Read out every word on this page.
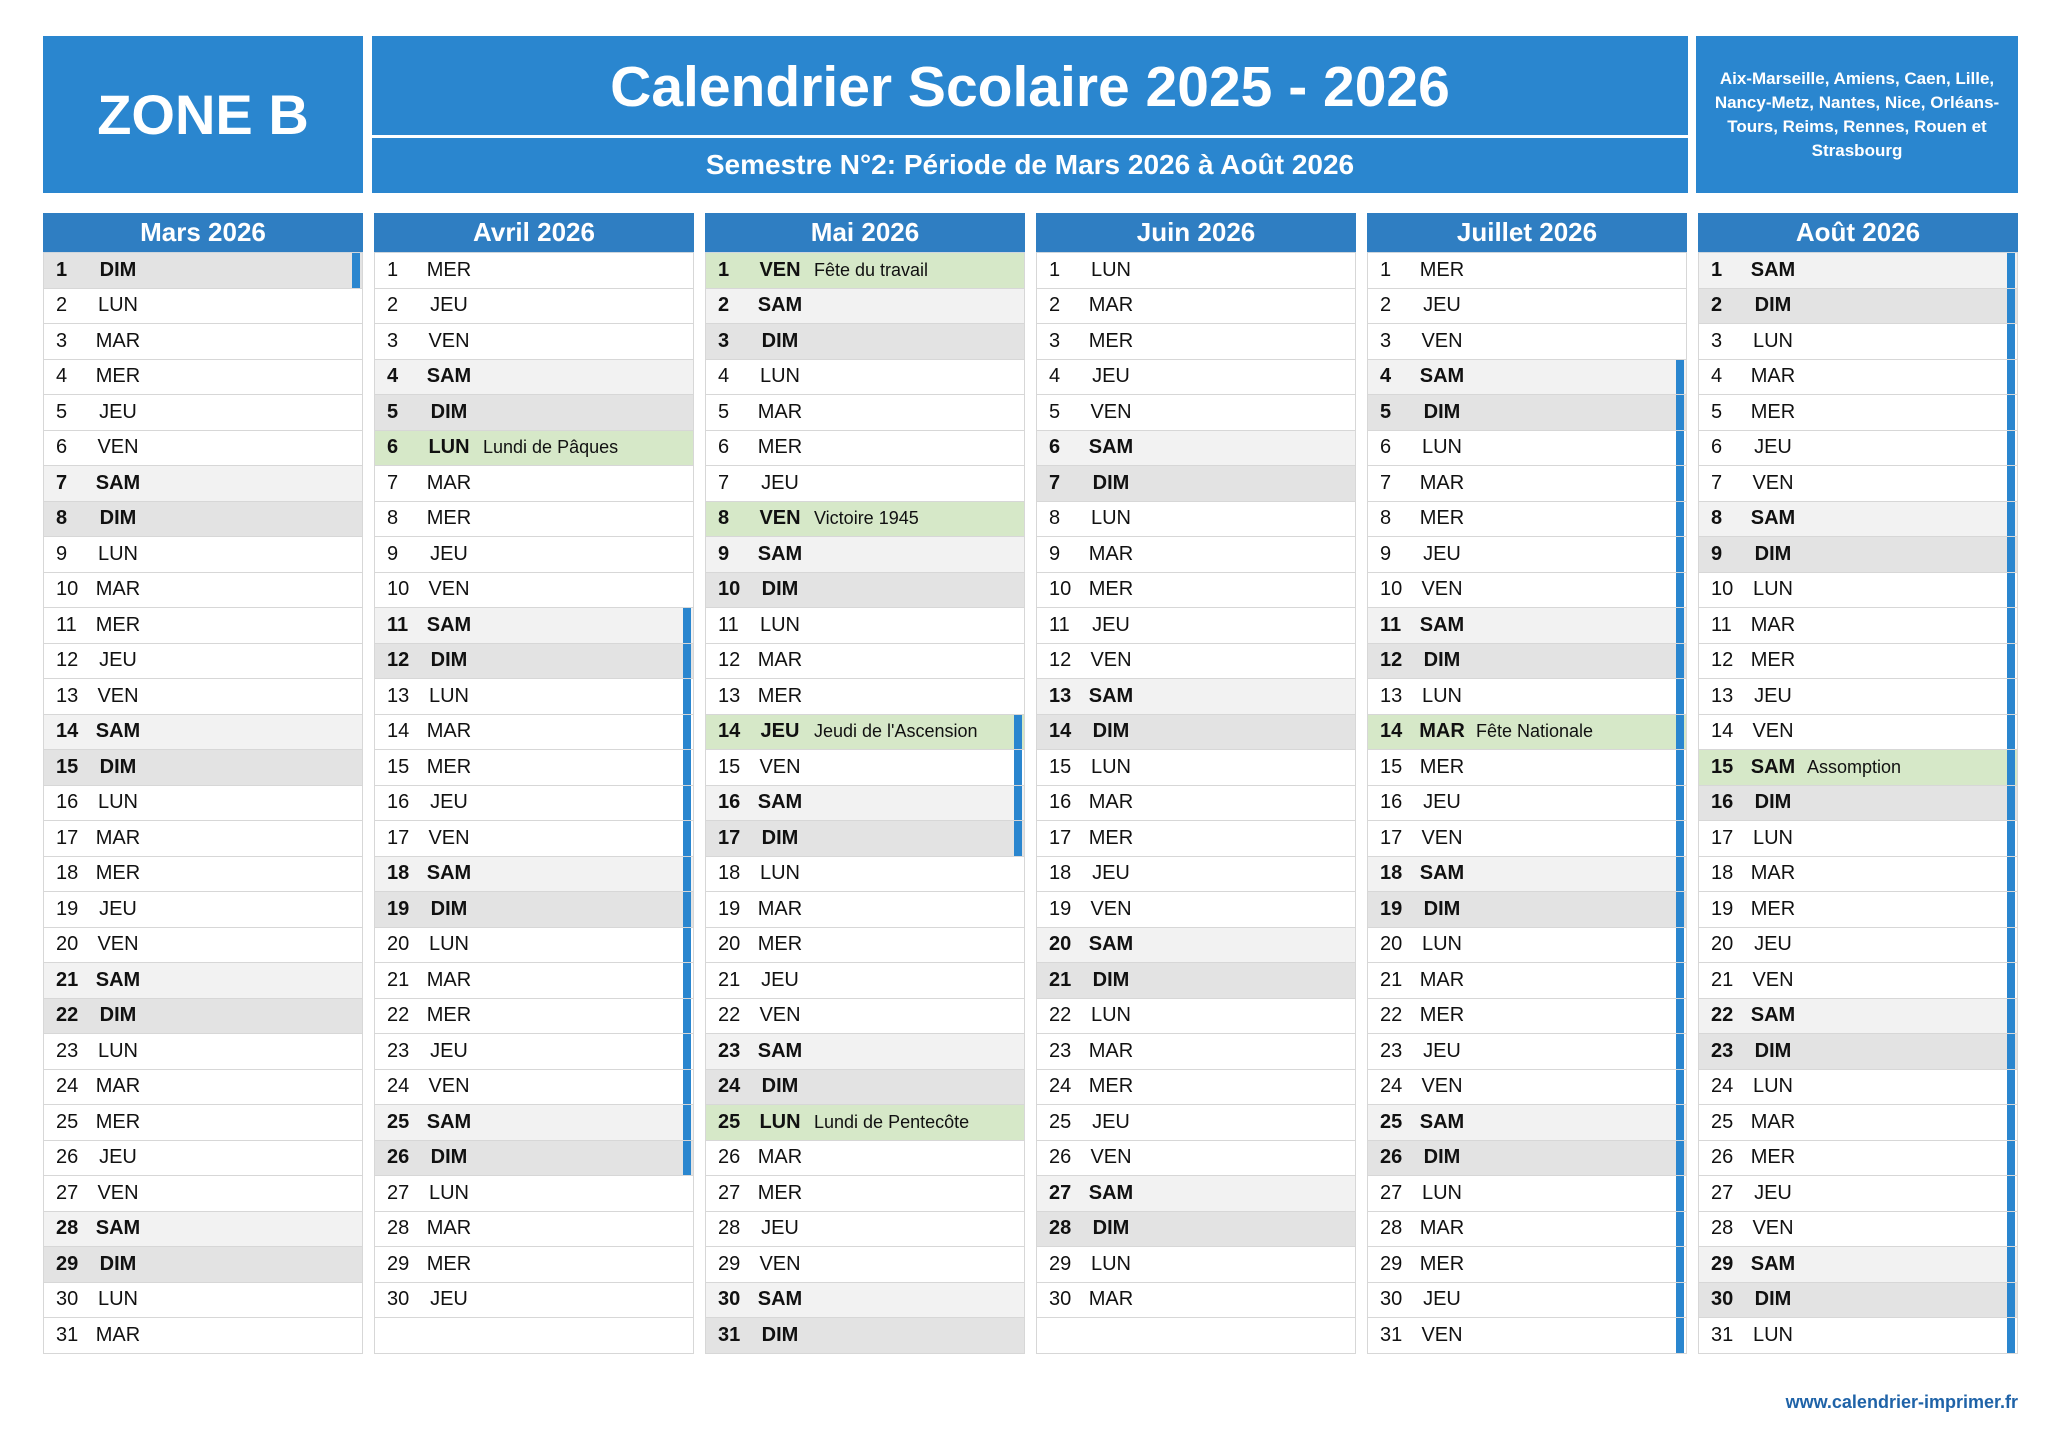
ZONE B	Calendrier Scolaire 2025 - 2026
Semestre N°2: Période de Mars 2026 à Août 2026
Aix-Marseille, Amiens, Caen, Lille, Nancy-Metz, Nantes, Nice, Orléans-Tours, Reims, Rennes, Rouen et Strasbourg
Mars 2026
1	DIM
2	LUN
3	MAR
4	MER
5	JEU
6	VEN
7	SAM
8	DIM
9	LUN
10 MAR
11 MER
12	JEU
13 VEN
14 SAM
15	DIM
16 LUN
17 MAR
18 MER
19	JEU
20 VEN
21 SAM
22	DIM
23 LUN
24 MAR
25 MER
26	JEU
27 VEN
28 SAM
29	DIM
30 LUN
31 MAR
Avril 2026
1	MER
2	JEU
3	VEN
4	SAM
5	DIM
6	LUN Lundi de Pâques
7	MAR
8	MER
9	JEU
10 VEN
11 SAM
12	DIM
13 LUN
14 MAR
15 MER
16	JEU
17 VEN
18 SAM
19	DIM
20 LUN
21 MAR
22 MER
23	JEU
24 VEN
25 SAM
26	DIM
27 LUN
28 MAR
29 MER
30	JEU
Mai 2026
1	VEN Fête du travail
2	SAM
3	DIM
4	LUN
5	MAR
6	MER
7	JEU
8	VEN Victoire 1945
9	SAM
10	DIM
11	LUN
12 MAR
13 MER
14	JEU Jeudi de l'Ascension
15 VEN
16 SAM
17	DIM
18 LUN
19 MAR
20 MER
21	JEU
22 VEN
23 SAM
24	DIM
25 LUN Lundi de Pentecôte
26 MAR
27 MER
28	JEU
29 VEN
30 SAM
31	DIM
Juin 2026
1	LUN
2	MAR
3	MER
4	JEU
5	VEN
6	SAM
7	DIM
8	LUN
9	MAR
10 MER
11	JEU
12 VEN
13 SAM
14	DIM
15 LUN
16 MAR
17 MER
18	JEU
19 VEN
20 SAM
21	DIM
22 LUN
23 MAR
24 MER
25	JEU
26 VEN
27 SAM
28	DIM
29 LUN
30 MAR
Juillet 2026
1	MER
2	JEU
3	VEN
4	SAM
5	DIM
6	LUN
7	MAR
8	MER
9	JEU
10 VEN
11 SAM
12	DIM
13 LUN
14 MAR Fête Nationale
15 MER
16	JEU
17 VEN
18 SAM
19	DIM
20 LUN
21 MAR
22 MER
23	JEU
24 VEN
25 SAM
26	DIM
27 LUN
28 MAR
29 MER
30	JEU
31 VEN
Août 2026
1	SAM
2	DIM
3	LUN
4	MAR
5	MER
6	JEU
7	VEN
8	SAM
9	DIM
10 LUN
11 MAR
12 MER
13	JEU
14 VEN
15 SAM Assomption
16	DIM
17 LUN
18 MAR
19 MER
20	JEU
21 VEN
22 SAM
23	DIM
24 LUN
25 MAR
26 MER
27	JEU
28 VEN
29 SAM
30	DIM
31 LUN
www.calendrier-imprimer.fr
